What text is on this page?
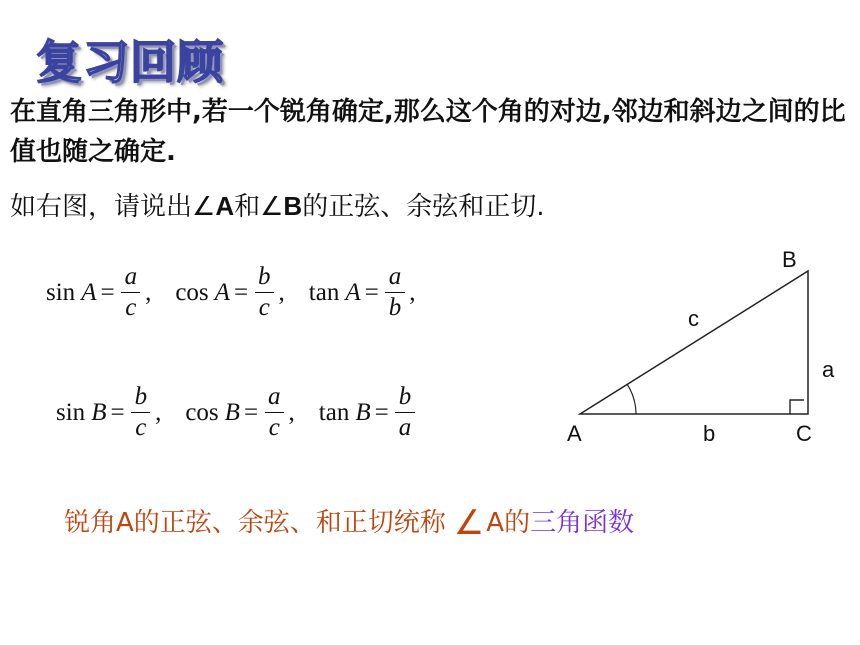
复习回顾
在直角三角形中,若一个锐角确定,那么这个角的对边,邻边和斜边之间的比值也随之确定.
如右图，请说出∠A和∠B的正弦、余弦和正切.
$\sin A = \frac{a}{c}$ , $\cos A = \frac{b}{c}$ , $\tan A = \frac{a}{b}$ ,
$\sin B = \frac{b}{c}$ , $\cos B = \frac{a}{c}$ , $\tan B = \frac{b}{a}$
B
A	C
c
a
b
锐角A的正弦、余弦、和正切统称 ∠A的三角函数
